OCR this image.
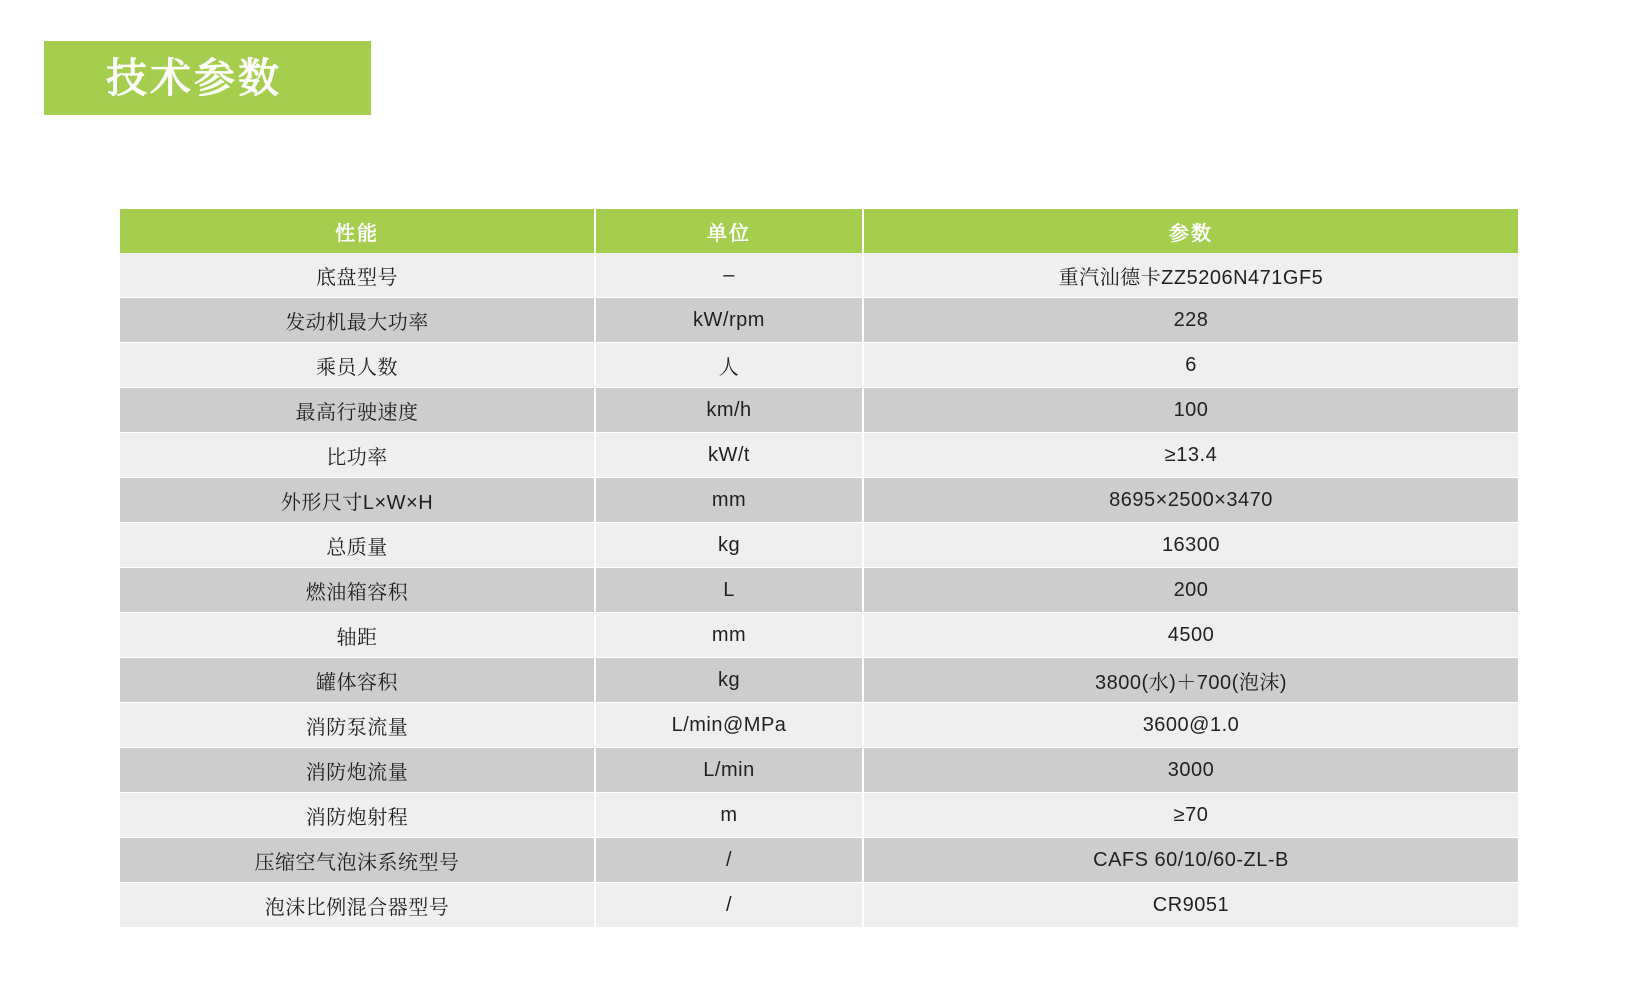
技术参数
性能	单位	参数
底盘型号	–	重汽汕德卡ZZ5206N471GF5
发动机最大功率	kW/rpm	228
乘员人数	人	6
最高行驶速度	km/h	100
比功率	kW/t	≥13.4
外形尺寸L×W×H	mm	8695×2500×3470
总质量	kg	16300
燃油箱容积	L	200
轴距	mm	4500
罐体容积	kg	3800(水)＋700(泡沫)
消防泵流量	L/min@MPa	3600@1.0
消防炮流量	L/min	3000
消防炮射程	m	≥70
压缩空气泡沫系统型号	/	CAFS 60/10/60-ZL-B
泡沫比例混合器型号	/	CR9051
